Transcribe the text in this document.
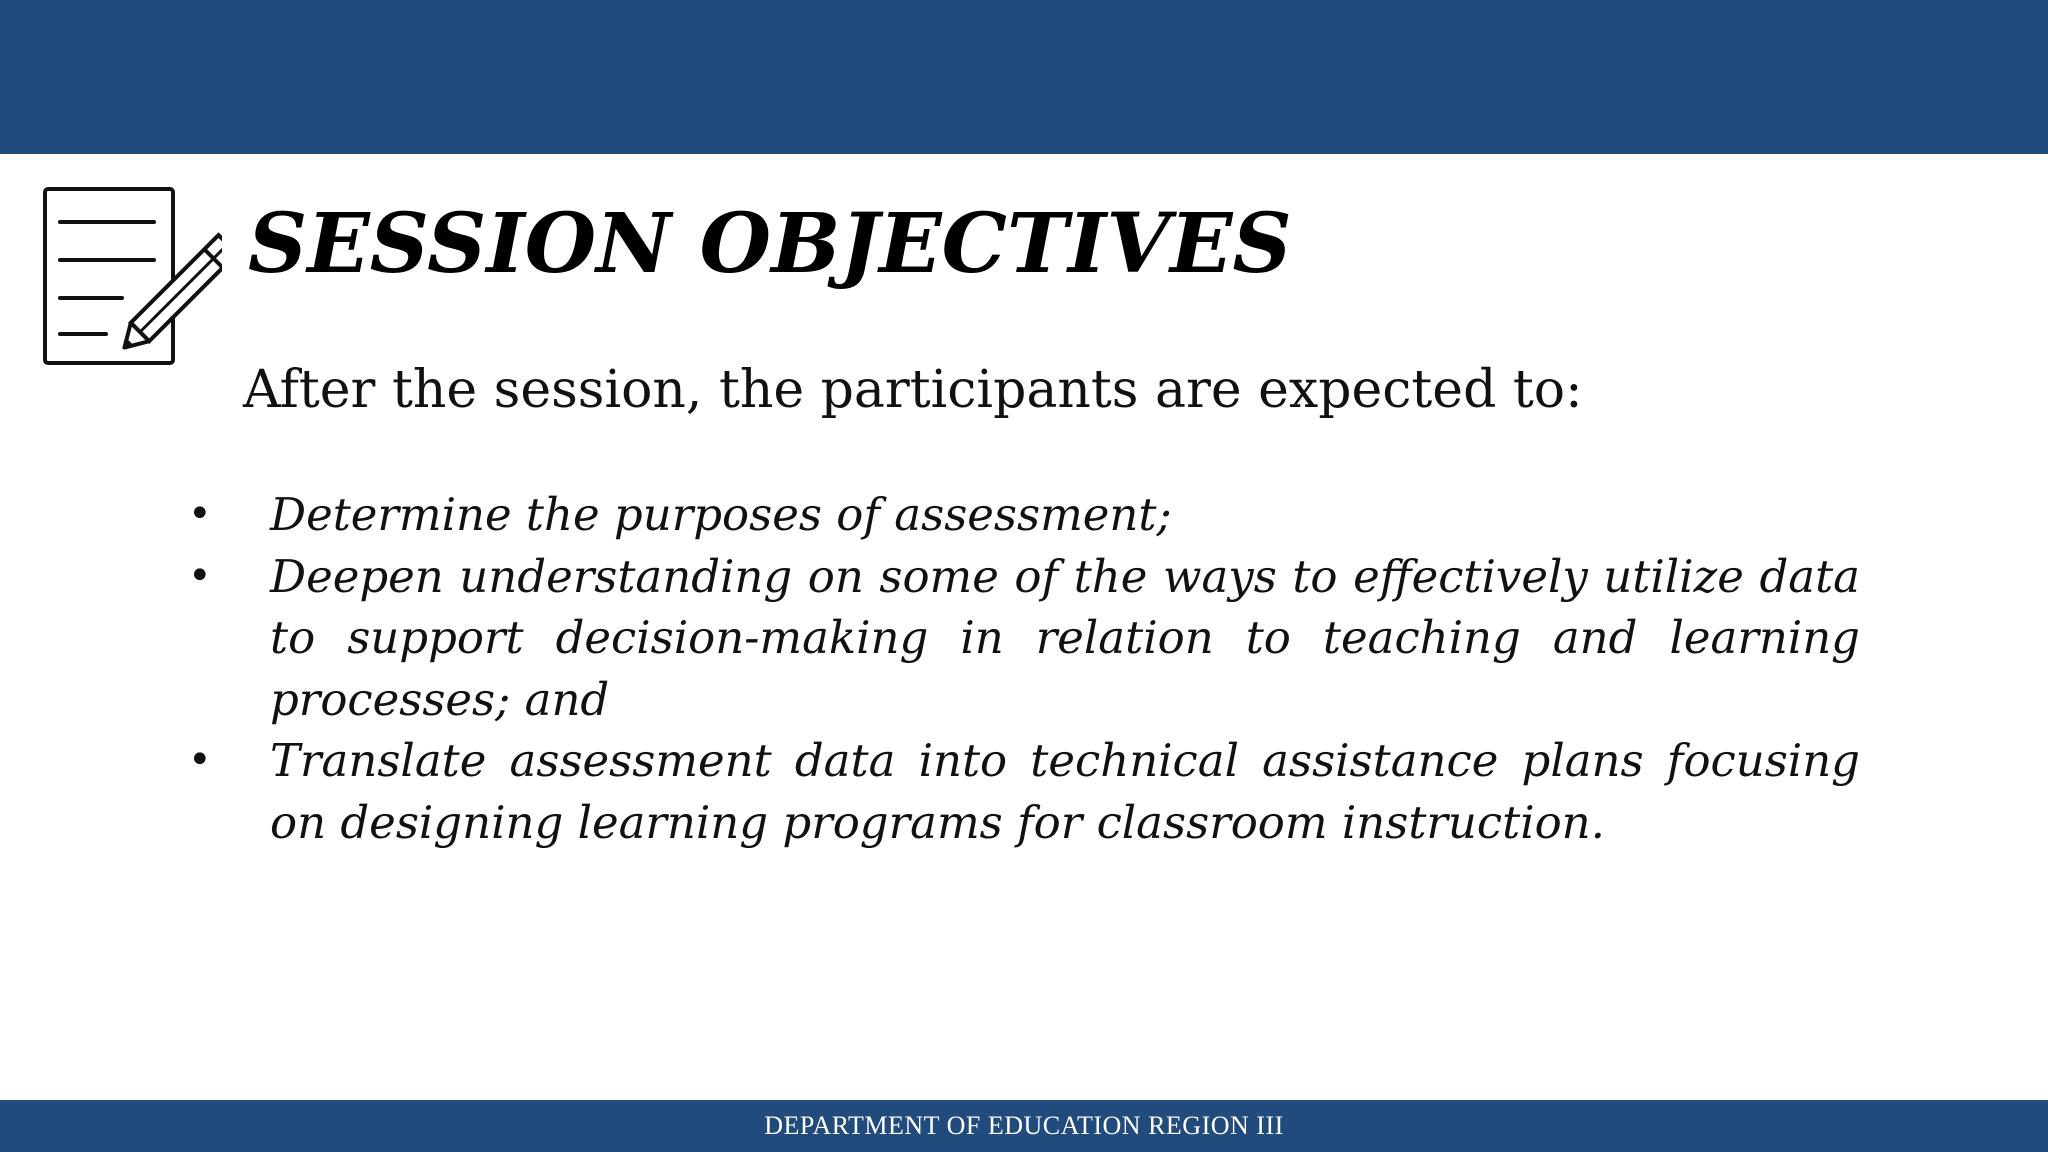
SESSION OBJECTIVES

After the session, the participants are expected to:

• Determine the purposes of assessment;
• Deepen understanding on some of the ways to effectively utilize data to support decision-making in relation to teaching and learning processes; and
• Translate assessment data into technical assistance plans focusing on designing learning programs for classroom instruction.
DEPARTMENT OF EDUCATION REGION III
